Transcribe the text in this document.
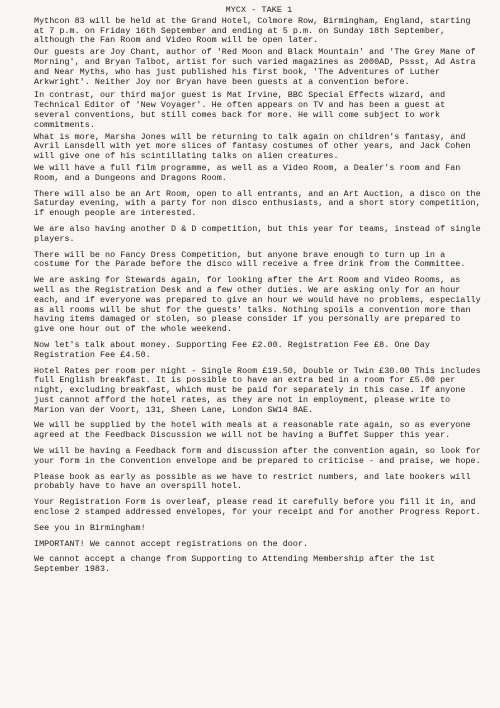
MYCX - TAKE 1

Mythcon 83 will be held at the Grand Hotel, Colmore Row, Birmingham, England, starting at 7 p.m. on Friday 16th September and ending at 5 p.m. on Sunday 18th September, although the Fan Room and Video Room will be open later.

Our guests are Joy Chant, author of 'Red Moon and Black Mountain' and 'The Grey Mane of Morning', and Bryan Talbot, artist for such varied magazines as 2000AD, Pssst, Ad Astra and Near Myths, who has just published his first book, 'The Adventures of Luther Arkwright'. Neither Joy nor Bryan have been guests at a convention before.

In contrast, our third major guest is Mat Irvine, BBC Special Effects wizard, and Technical Editor of 'New Voyager'. He often appears on TV and has been a guest at several conventions, but still comes back for more. He will come subject to work commitments.

What is more, Marsha Jones will be returning to talk again on children's fantasy, and Avril Lansdell with yet more slices of fantasy costumes of other years, and Jack Cohen will give one of his scintillating talks on alien creatures.

We will have a full film programme, as well as a Video Room, a Dealer's room and Fan Room, and a Dungeons and Dragons Room.

There will also be an Art Room, open to all entrants, and an Art Auction, a disco on the Saturday evening, with a party for non disco enthusiasts, and a short story competition, if enough people are interested.

We are also having another D & D competition, but this year for teams, instead of single players.

There will be no Fancy Dress Competition, but anyone brave enough to turn up in a costume for the Parade before the disco will receive a free drink from the Committee.

We are asking for Stewards again, for looking after the Art Room and Video Rooms, as well as the Registration Desk and a few other duties. We are asking only for an hour each, and if everyone was prepared to give an hour we would have no problems, especially as all rooms will be shut for the guests' talks. Nothing spoils a convention more than having items damaged or stolen, so please consider if you personally are prepared to give one hour out of the whole weekend.

Now let's talk about money. Supporting Fee £2.00. Registration Fee £8. One Day Registration Fee £4.50.

Hotel Rates per room per night - Single Room £19.50, Double or Twin £30.00 This includes full English breakfast. It is possible to have an extra bed in a room for £5.00 per night, excluding breakfast, which must be paid for separately in this case. If anyone just cannot afford the hotel rates, as they are not in employment, please write to Marion van der Voort, 131, Sheen Lane, London SW14 8AE.

We will be supplied by the hotel with meals at a reasonable rate again, so as everyone agreed at the Feedback Discussion we will not be having a Buffet Supper this year.

We will be having a Feedback form and discussion after the convention again, so look for your form in the Convention envelope and be prepared to criticise - and praise, we hope.

Please book as early as possible as we have to restrict numbers, and late bookers will probably have to have an overspill hotel.

Your Registration Form is overleaf, please read it carefully before you fill it in, and enclose 2 stamped addressed envelopes, for your receipt and for another Progress Report.

See you in Birmingham!

IMPORTANT! We cannot accept registrations on the door.

We cannot accept a change from Supporting to Attending Membership after the 1st September 1983.
